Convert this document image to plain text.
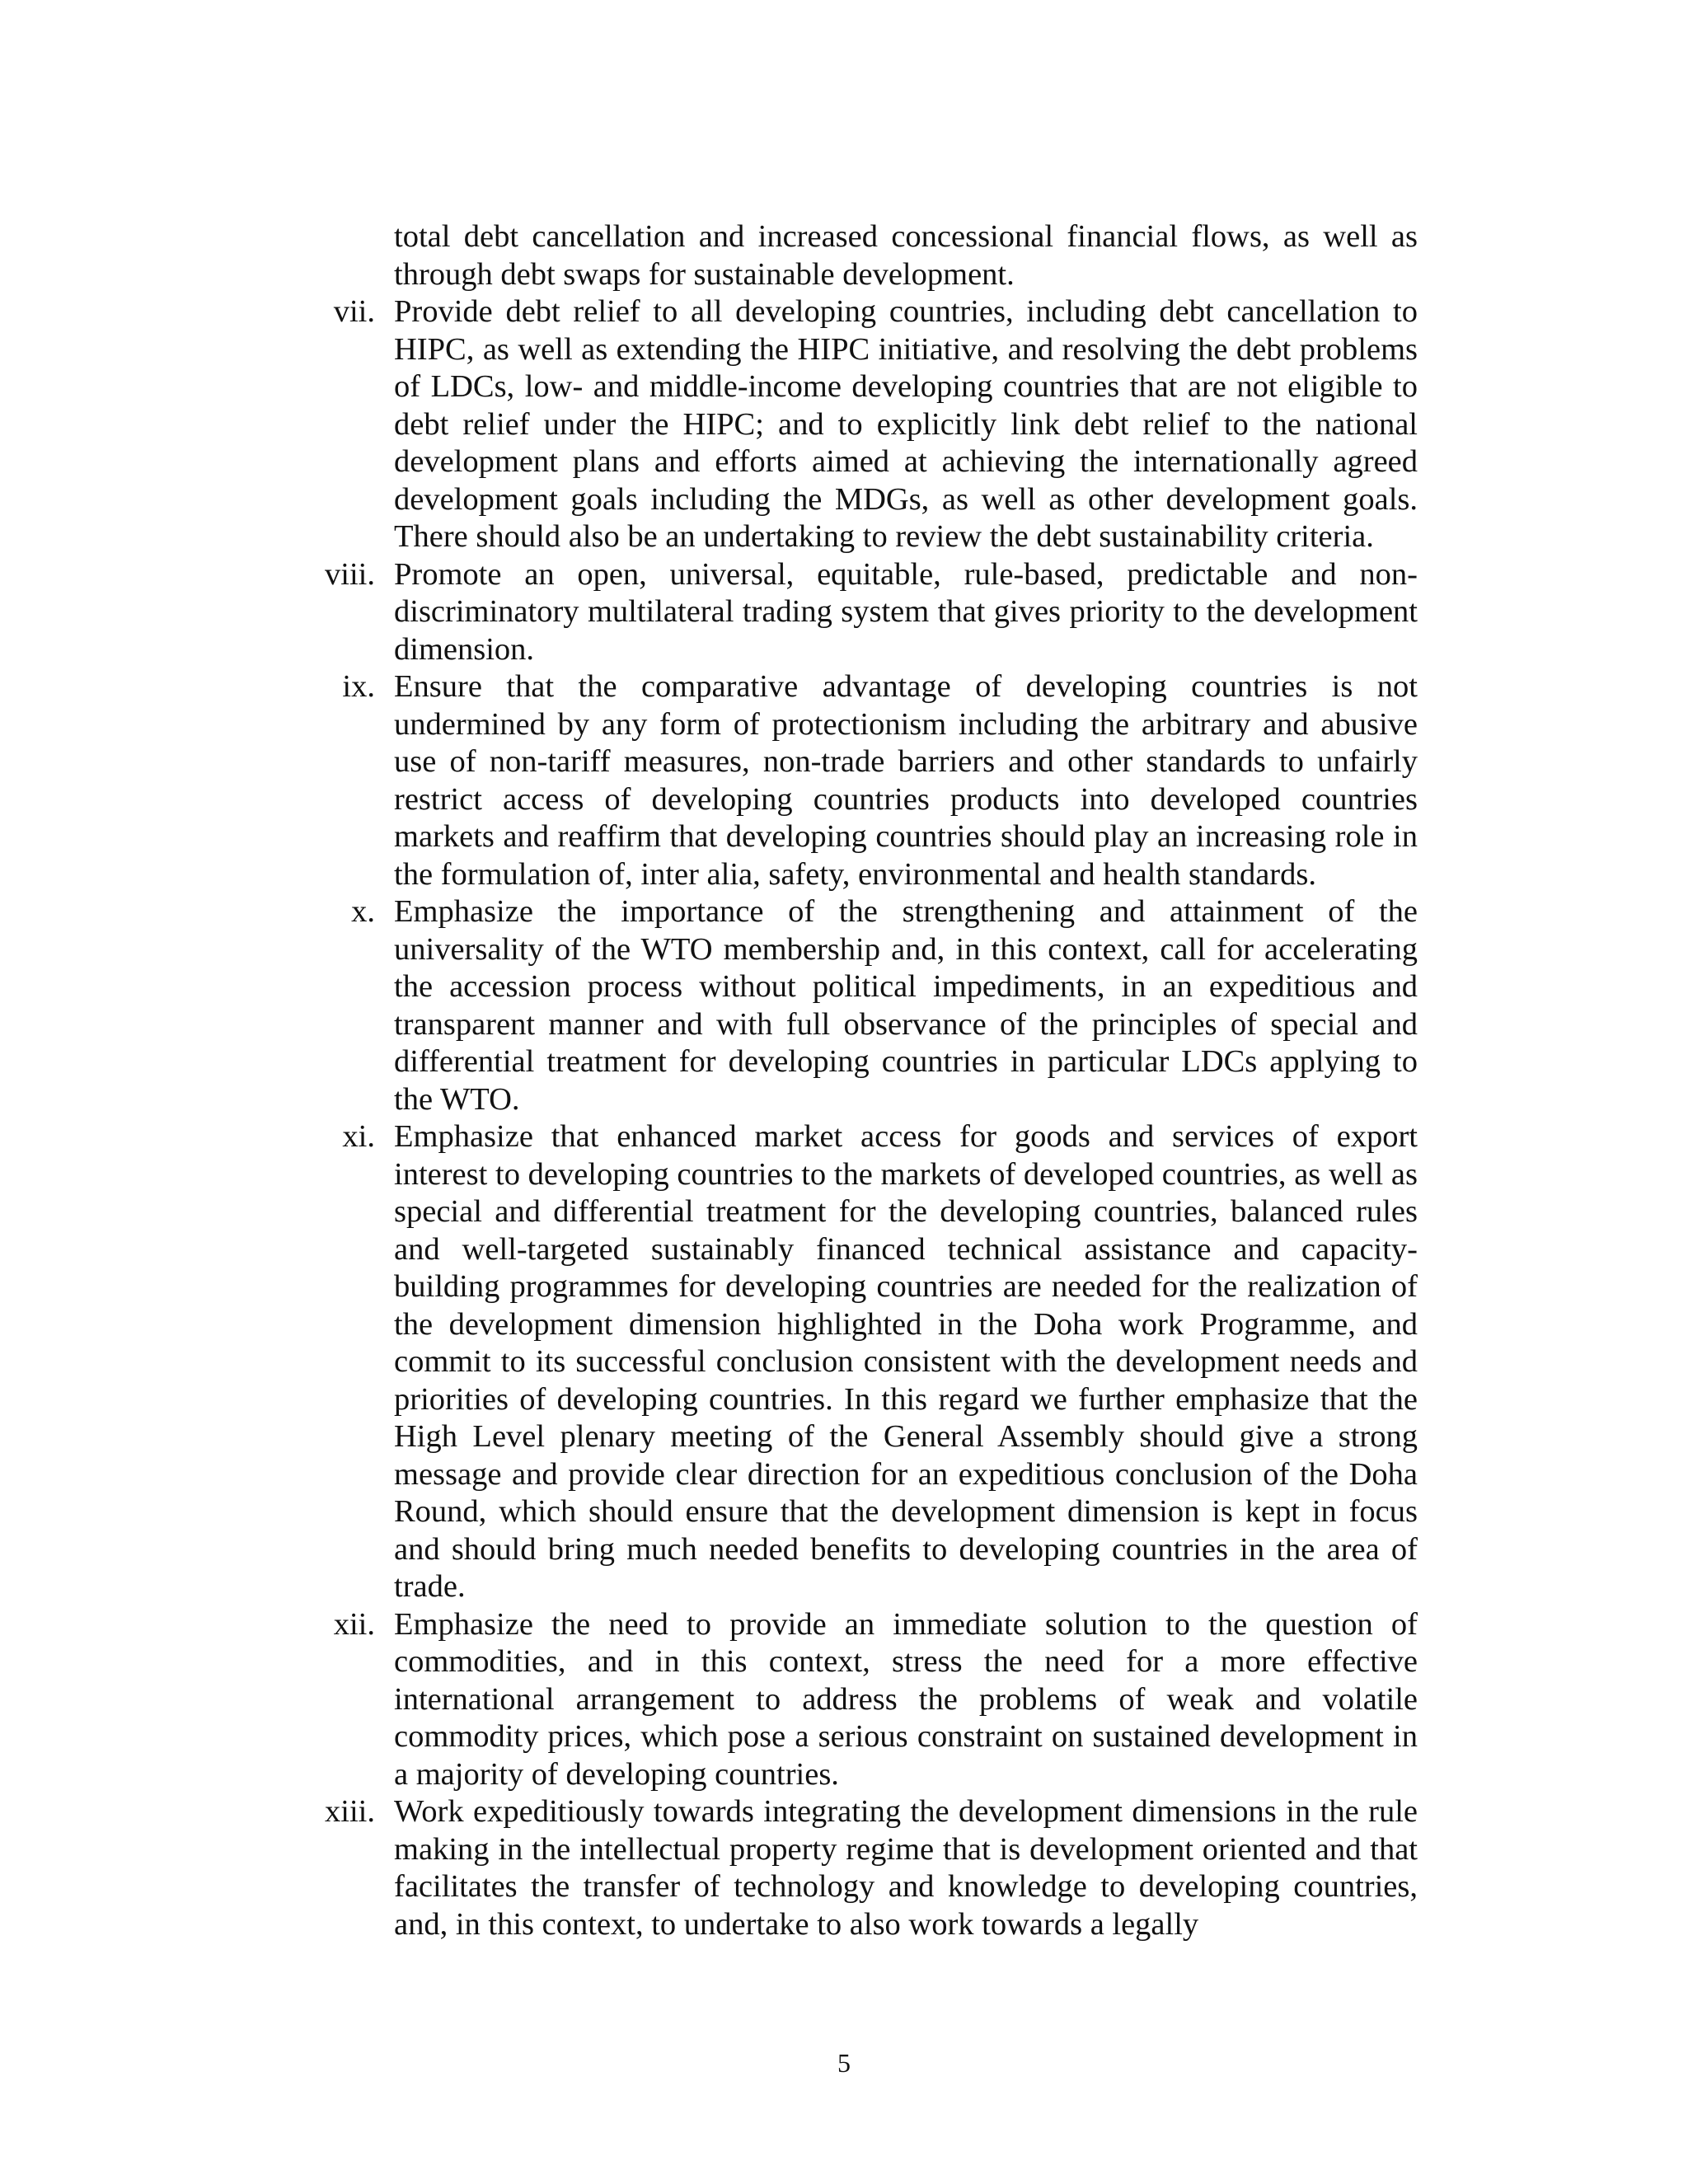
total debt cancellation and increased concessional financial flows, as well as through debt swaps for sustainable development.
vii. Provide debt relief to all developing countries, including debt cancellation to HIPC, as well as extending the HIPC initiative, and resolving the debt problems of LDCs, low- and middle-income developing countries that are not eligible to debt relief under the HIPC; and to explicitly link debt relief to the national development plans and efforts aimed at achieving the internationally agreed development goals including the MDGs, as well as other development goals. There should also be an undertaking to review the debt sustainability criteria.
viii. Promote an open, universal, equitable, rule-based, predictable and non-discriminatory multilateral trading system that gives priority to the development dimension.
ix. Ensure that the comparative advantage of developing countries is not undermined by any form of protectionism including the arbitrary and abusive use of non-tariff measures, non-trade barriers and other standards to unfairly restrict access of developing countries products into developed countries markets and reaffirm that developing countries should play an increasing role in the formulation of, inter alia, safety, environmental and health standards.
x. Emphasize the importance of the strengthening and attainment of the universality of the WTO membership and, in this context, call for accelerating the accession process without political impediments, in an expeditious and transparent manner and with full observance of the principles of special and differential treatment for developing countries in particular LDCs applying to the WTO.
xi. Emphasize that enhanced market access for goods and services of export interest to developing countries to the markets of developed countries, as well as special and differential treatment for the developing countries, balanced rules and well-targeted sustainably financed technical assistance and capacity-building programmes for developing countries are needed for the realization of the development dimension highlighted in the Doha work Programme, and commit to its successful conclusion consistent with the development needs and priorities of developing countries. In this regard we further emphasize that the High Level plenary meeting of the General Assembly should give a strong message and provide clear direction for an expeditious conclusion of the Doha Round, which should ensure that the development dimension is kept in focus and should bring much needed benefits to developing countries in the area of trade.
xii. Emphasize the need to provide an immediate solution to the question of commodities, and in this context, stress the need for a more effective international arrangement to address the problems of weak and volatile commodity prices, which pose a serious constraint on sustained development in a majority of developing countries.
xiii. Work expeditiously towards integrating the development dimensions in the rule making in the intellectual property regime that is development oriented and that facilitates the transfer of technology and knowledge to developing countries, and, in this context, to undertake to also work towards a legally
5
